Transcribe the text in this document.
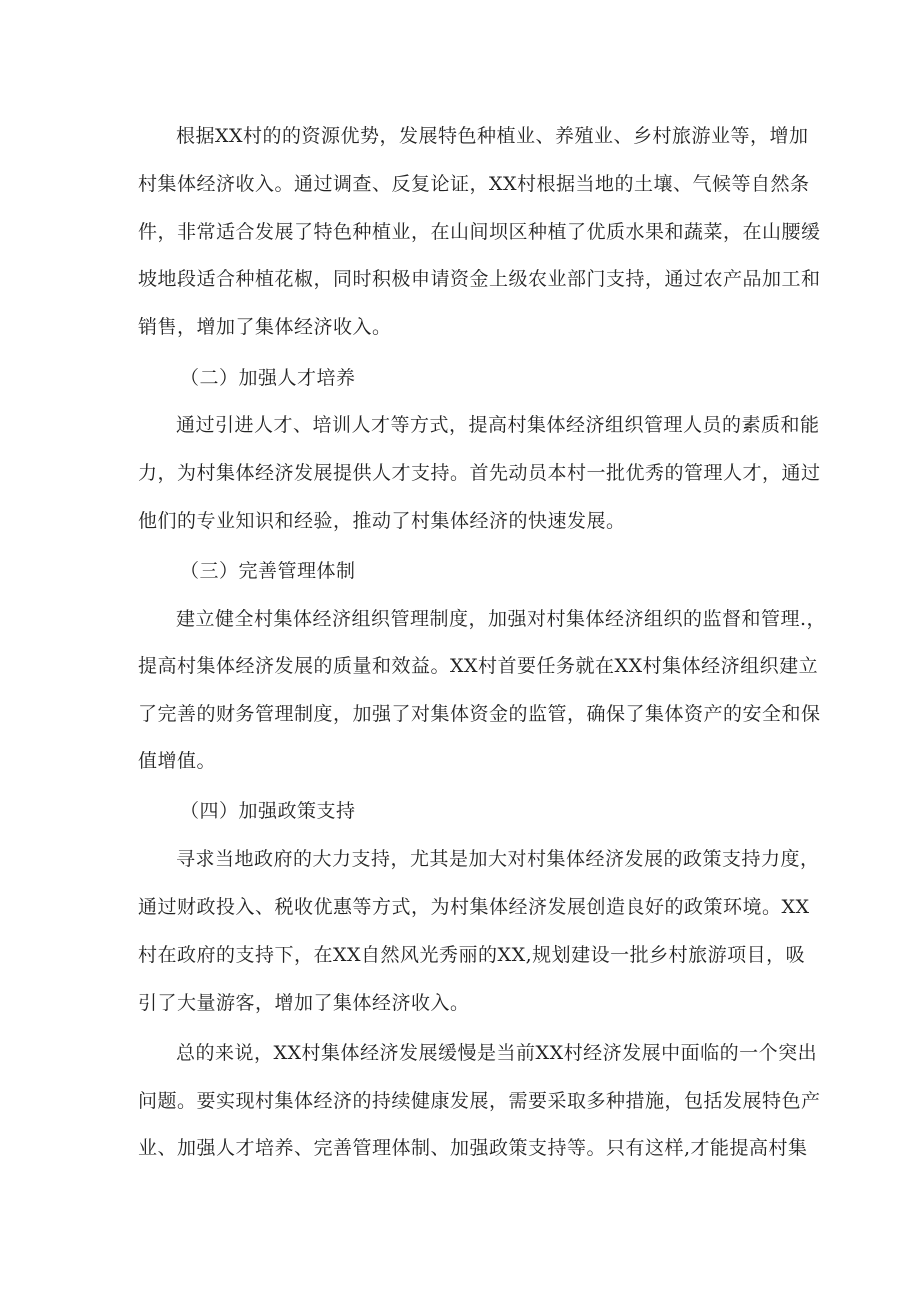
根据XX村的的资源优势，发展特色种植业、养殖业、乡村旅游业等，增加
村集体经济收入。通过调查、反复论证，XX村根据当地的土壤、气候等自然条
件，非常适合发展了特色种植业，在山间坝区种植了优质水果和蔬菜，在山腰缓
坡地段适合种植花椒，同时积极申请资金上级农业部门支持，通过农产品加工和
销售，增加了集体经济收入。
（二）加强人才培养
通过引进人才、培训人才等方式，提高村集体经济组织管理人员的素质和能
力，为村集体经济发展提供人才支持。首先动员本村一批优秀的管理人才，通过
他们的专业知识和经验，推动了村集体经济的快速发展。
（三）完善管理体制
建立健全村集体经济组织管理制度，加强对村集体经济组织的监督和管理.，
提高村集体经济发展的质量和效益。XX村首要任务就在XX村集体经济组织建立
了完善的财务管理制度，加强了对集体资金的监管，确保了集体资产的安全和保
值增值。
（四）加强政策支持
寻求当地政府的大力支持，尤其是加大对村集体经济发展的政策支持力度，
通过财政投入、税收优惠等方式，为村集体经济发展创造良好的政策环境。XX
村在政府的支持下，在XX自然风光秀丽的XX,规划建设一批乡村旅游项目，吸
引了大量游客，增加了集体经济收入。
总的来说，XX村集体经济发展缓慢是当前XX村经济发展中面临的一个突出
问题。要实现村集体经济的持续健康发展，需要采取多种措施，包括发展特色产
业、加强人才培养、完善管理体制、加强政策支持等。只有这样,才能提高村集
